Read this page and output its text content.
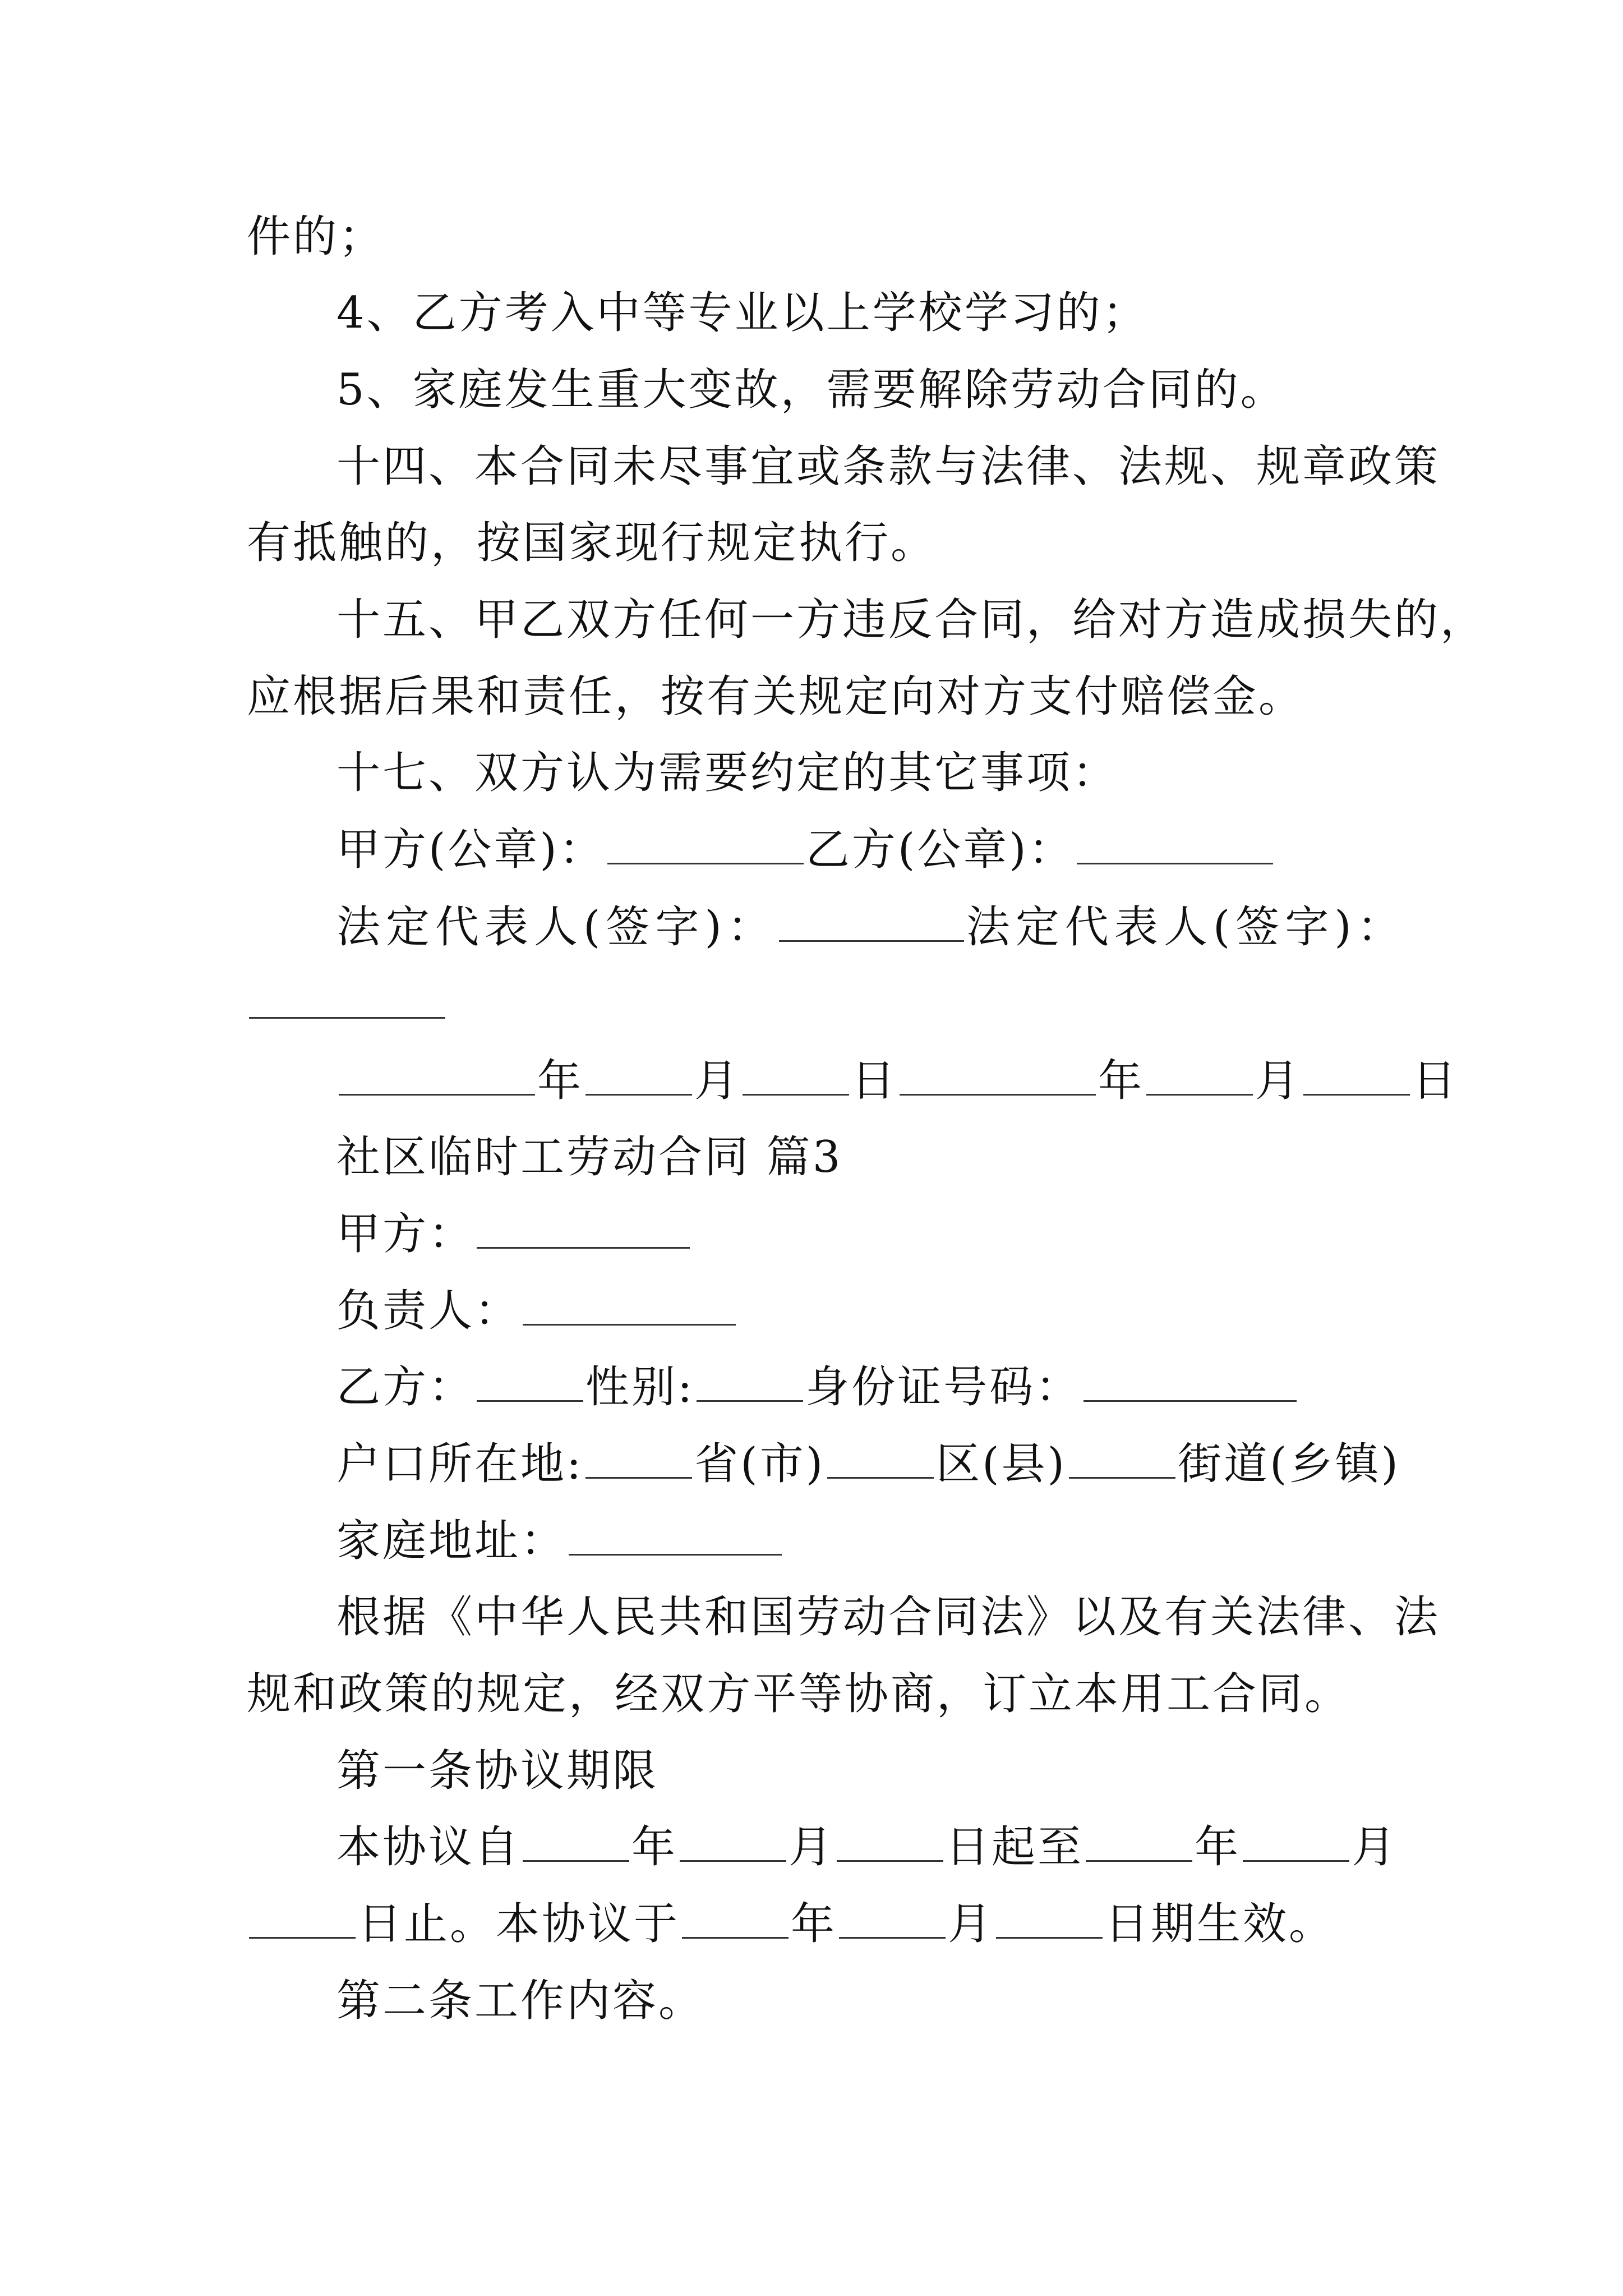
件的；
4、乙方考入中等专业以上学校学习的；
5、家庭发生重大变故，需要解除劳动合同的。
十四、本合同未尽事宜或条款与法律、法规、规章政策
有抵触的，按国家现行规定执行。
十五、甲乙双方任何一方违反合同，给对方造成损失的，
应根据后果和责任，按有关规定向对方支付赔偿金。
十七、双方认为需要约定的其它事项：
甲方(公章)：	乙方(公章)：
法定代表人(签字)：	法定代表人(签字)：
年	月	日	年	月	日
社区临时工劳动合同 篇3
甲方：
负责人：
乙方：	性别:	身份证号码：
户口所在地:	省(市)	区(县)	街道(乡镇)
家庭地址：
根据《中华人民共和国劳动合同法》以及有关法律、法
规和政策的规定，经双方平等协商，订立本用工合同。
第一条协议期限
本协议自	年	月	日起至	年	月
日止。本协议于	年	月	日期生效。
第二条工作内容。
